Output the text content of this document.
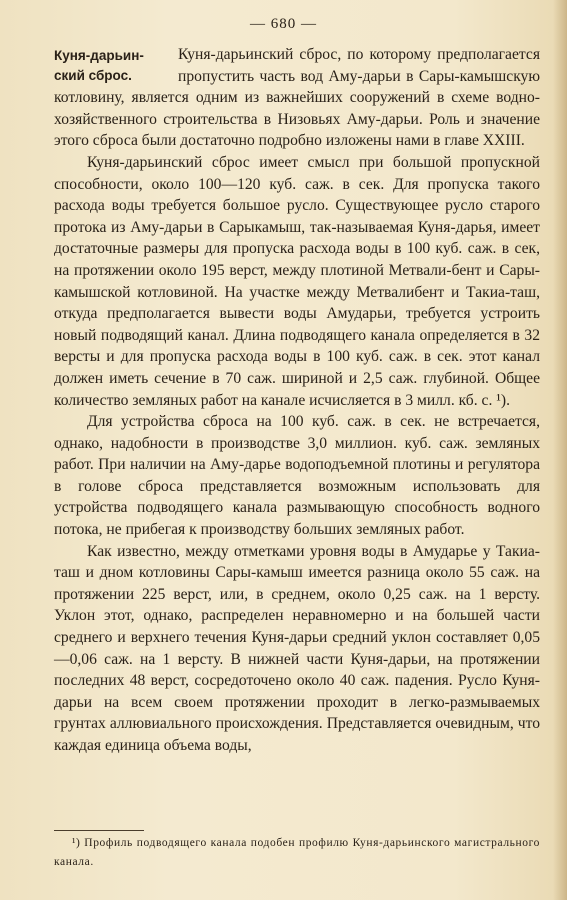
— 680 —
Куня-дарьин-
ский сброс.

Куня-дарьинский сброс, по которому предполагается пропустить часть вод Аму-дарьи в Сары-камышскую котловину, является одним из важнейших сооружений в схеме водно-хозяйственного строительства в Низовьях Аму-дарьи. Роль и значение этого сброса были достаточно подробно изложены нами в главе XXIII.

Куня-дарьинский сброс имеет смысл при большой пропускной способности, около 100—120 куб. саж. в сек. Для пропуска такого расхода воды требуется большое русло. Существующее русло старого протока из Аму-дарьи в Сарыкамыш, так-называемая Куня-дарья, имеет достаточные размеры для пропуска расхода воды в 100 куб. саж. в сек, на протяжении около 195 верст, между плотиной Метвали-бент и Сары-камышской котловиной. На участке между Метвалибент и Такиа-таш, откуда предполагается вывести воды Амударьи, требуется устроить новый подводящий канал. Длина подводящего канала определяется в 32 версты и для пропуска расхода воды в 100 куб. саж. в сек. этот канал должен иметь сечение в 70 саж. шириной и 2,5 саж. глубиной. Общее количество земляных работ на канале исчисляется в 3 милл. кб. с. ¹).

Для устройства сброса на 100 куб. саж. в сек. не встречается, однако, надобности в производстве 3,0 миллион. куб. саж. земляных работ. При наличии на Аму-дарье водоподъемной плотины и регулятора в голове сброса представляется возможным использовать для устройства подводящего канала размывающую способность водного потока, не прибегая к производству больших земляных работ.

Как известно, между отметками уровня воды в Амударье у Такиа-таш и дном котловины Сары-камыш имеется разница около 55 саж. на протяжении 225 верст, или, в среднем, около 0,25 саж. на 1 версту. Уклон этот, однако, распределен неравномерно и на большей части среднего и верхнего течения Куня-дарьи средний уклон составляет 0,05—0,06 саж. на 1 версту. В нижней части Куня-дарьи, на протяжении последних 48 верст, сосредоточено около 40 саж. падения. Русло Куня-дарьи на всем своем протяжении проходит в легко-размываемых грунтах аллювиального происхождения. Представляется очевидным, что каждая единица объема воды,

¹) Профиль подводящего канала подобен профилю Куня-дарьинского магистрального канала.
